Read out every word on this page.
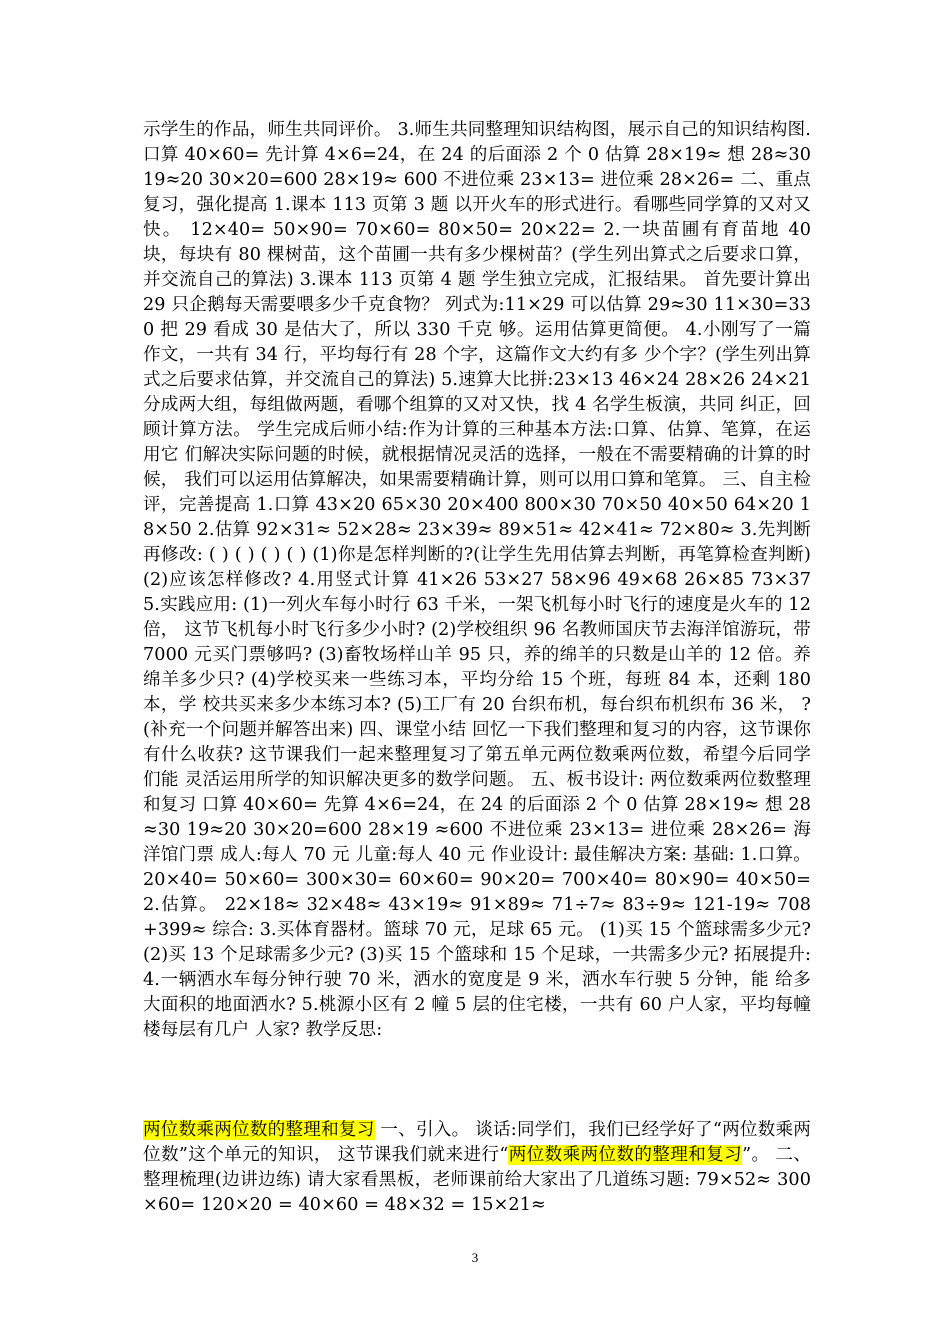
示学生的作品，师生共同评价。 3.师生共同整理知识结构图，展示自己的知识结构图. 口算 40×60= 先计算 4×6=24，在 24 的后面添 2 个 0 估算 28×19≈ 想 28≈30 19≈20 30×20=600 28×19≈ 600 不进位乘 23×13= 进位乘 28×26= 二、重点复习，强化提高 1.课本 113 页第 3 题 以开火车的形式进行。看哪些同学算的又对又快。 12×40= 50×90= 70×60= 80×50= 20×22= 2.一块苗圃有育苗地 40 块，每块有 80 棵树苗，这个苗圃一共有多少棵树苗？(学生列出算式之后要求口算，并交流自己的算法) 3.课本 113 页第 4 题 学生独立完成，汇报结果。 首先要计算出 29 只企鹅每天需要喂多少千克食物？ 列式为:11×29 可以估算 29≈30 11×30=330 把 29 看成 30 是估大了，所以 330 千克 够。运用估算更简便。 4.小刚写了一篇作文，一共有 34 行，平均每行有 28 个字，这篇作文大约有多 少个字？(学生列出算式之后要求估算，并交流自己的算法) 5.速算大比拼:23×13 46×24 28×26 24×21 分成两大组，每组做两题，看哪个组算的又对又快，找 4 名学生板演，共同 纠正，回顾计算方法。 学生完成后师小结:作为计算的三种基本方法:口算、估算、笔算，在运用它 们解决实际问题的时候，就根据情况灵活的选择，一般在不需要精确的计算的时候， 我们可以运用估算解决，如果需要精确计算，则可以用口算和笔算。 三、自主检评，完善提高 1.口算 43×20 65×30 20×400 800×30 70×50 40×50 64×20 18×50 2.估算 92×31≈ 52×28≈ 23×39≈ 89×51≈ 42×41≈ 72×80≈ 3.先判断再修改: ( ) ( ) ( ) ( ) (1)你是怎样判断的?(让学生先用估算去判断，再笔算检查判断) (2)应该怎样修改? 4.用竖式计算 41×26 53×27 58×96 49×68 26×85 73×37 5.实践应用: (1)一列火车每小时行 63 千米，一架飞机每小时飞行的速度是火车的 12 倍， 这节飞机每小时飞行多少小时? (2)学校组织 96 名教师国庆节去海洋馆游玩，带 7000 元买门票够吗? (3)畜牧场样山羊 95 只，养的绵羊的只数是山羊的 12 倍。养绵羊多少只? (4)学校买来一些练习本，平均分给 15 个班，每班 84 本，还剩 180 本，学 校共买来多少本练习本? (5)工厂有 20 台织布机，每台织布机织布 36 米， ?(补充一个问题并解答出来) 四、课堂小结 回忆一下我们整理和复习的内容，这节课你有什么收获? 这节课我们一起来整理复习了第五单元两位数乘两位数，希望今后同学们能 灵活运用所学的知识解决更多的数学问题。 五、板书设计: 两位数乘两位数整理和复习 口算 40×60= 先算 4×6=24，在 24 的后面添 2 个 0 估算 28×19≈ 想 28≈30 19≈20 30×20=600 28×19 ≈600 不进位乘 23×13= 进位乘 28×26= 海洋馆门票 成人:每人 70 元 儿童:每人 40 元 作业设计: 最佳解决方案: 基础: 1.口算。 20×40= 50×60= 300×30= 60×60= 90×20= 700×40= 80×90= 40×50= 2.估算。 22×18≈ 32×48≈ 43×19≈ 91×89≈ 71÷7≈ 83÷9≈ 121-19≈ 708+399≈ 综合: 3.买体育器材。篮球 70 元，足球 65 元。 (1)买 15 个篮球需多少元? (2)买 13 个足球需多少元? (3)买 15 个篮球和 15 个足球，一共需多少元? 拓展提升: 4.一辆洒水车每分钟行驶 70 米，洒水的宽度是 9 米，洒水车行驶 5 分钟，能 给多大面积的地面洒水? 5.桃源小区有 2 幢 5 层的住宅楼，一共有 60 户人家，平均每幢楼每层有几户 人家? 教学反思:
两位数乘两位数的整理和复习 一、引入。 谈话:同学们，我们已经学好了“两位数乘两位数”这个单元的知识， 这节课我们就来进行“两位数乘两位数的整理和复习”。 二、整理梳理(边讲边练) 请大家看黑板，老师课前给大家出了几道练习题: 79×52≈ 300×60= 120×20 = 40×60 = 48×32 = 15×21≈
3
